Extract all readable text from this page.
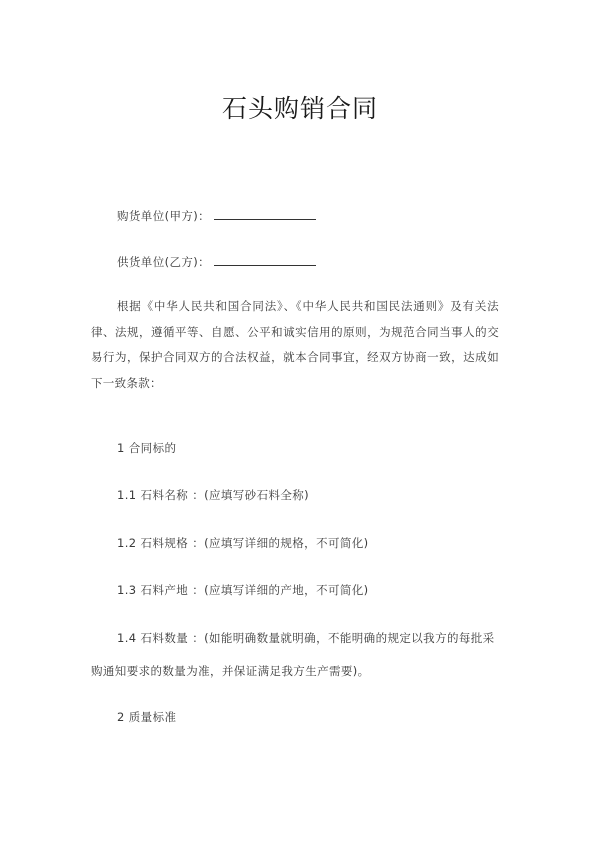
石头购销合同
购货单位(甲方)：
供货单位(乙方)：
根据《中华人民共和国合同法》、《中华人民共和国民法通则》及有关法律、法规，遵循平等、自愿、公平和诚实信用的原则，为规范合同当事人的交易行为，保护合同双方的合法权益，就本合同事宜，经双方协商一致，达成如下一致条款：
1 合同标的
1.1 石料名称 ：(应填写砂石料全称)
1.2 石料规格 ：(应填写详细的规格，不可简化)
1.3 石料产地 ：(应填写详细的产地，不可简化)
1.4 石料数量 ：(如能明确数量就明确，不能明确的规定以我方的每批采
购通知要求的数量为准，并保证满足我方生产需要)。
2 质量标准
